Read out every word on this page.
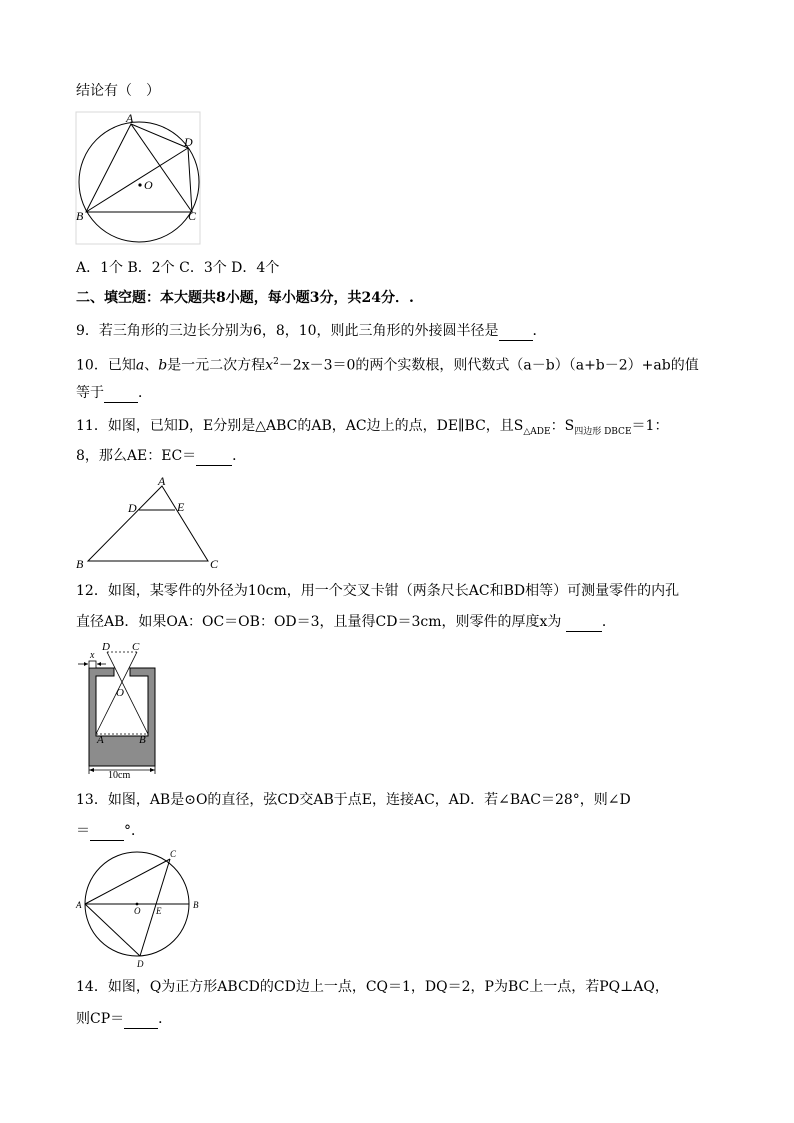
结论有（　）
A
D
O
B	C
A．1个 B．2个 C．3个 D．4个
二、填空题：本大题共8小题，每小题3分，共24分．.
9．若三角形的三边长分别为6，8，10，则此三角形的外接圆半径是 ．
10．已知a、b是一元二次方程$x^2-2x-3=0$的两个实数根，则代数式（a－b）（a+b－2）+ab的值
等于 ．
11．如图，已知D，E分别是△ABC的AB，AC边上的点，DE∥BC，且$S_{\triangle ADE}$：$S_{四边形 DBCE}=1$：
8，那么AE：EC＝	．
A
D	E
B	C
12．如图，某零件的外径为10cm，用一个交叉卡钳（两条尺长AC和BD相等）可测量零件的内孔
直径AB．如果OA：OC＝OB：OD＝3，且量得CD＝3cm，则零件的厚度x为	．
x
D C
O
A	B
10cm
13．如图，AB是⊙O的直径，弦CD交AB于点E，连接AC，AD．若∠BAC＝28°，则∠D
＝ °．
A	B
C
O E
D
14．如图，Q为正方形ABCD的CD边上一点，CQ＝1，DQ＝2，P为BC上一点，若PQ⊥AQ，
则CP＝ ．
